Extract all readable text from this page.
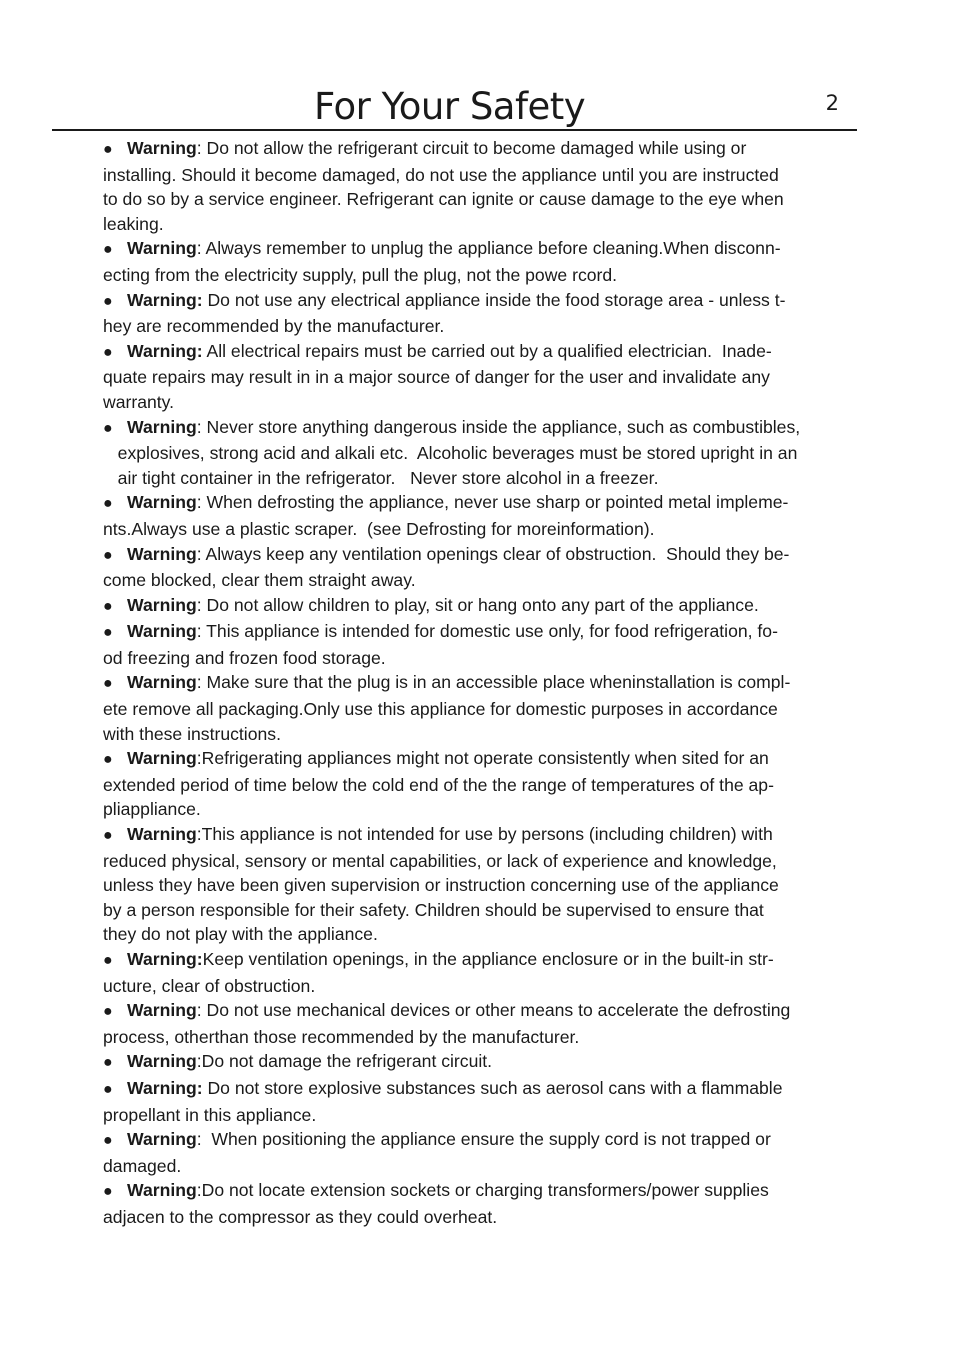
For Your Safety	2
● Warning: Do not allow the refrigerant circuit to become damaged while using or
installing. Should it become damaged, do not use the appliance until you are instructed
to do so by a service engineer. Refrigerant can ignite or cause damage to the eye when
leaking.
● Warning: Always remember to unplug the appliance before cleaning.When disconn-
ecting from the electricity supply, pull the plug, not the powe rcord.
● Warning: Do not use any electrical appliance inside the food storage area - unless t-
hey are recommended by the manufacturer.
● Warning: All electrical repairs must be carried out by a qualified electrician.  Inade-
quate repairs may result in in a major source of danger for the user and invalidate any
warranty.
● Warning: Never store anything dangerous inside the appliance, such as combustibles,
explosives, strong acid and alkali etc.  Alcoholic beverages must be stored upright in an
air tight container in the refrigerator.   Never store alcohol in a freezer.
● Warning: When defrosting the appliance, never use sharp or pointed metal impleme-
nts.Always use a plastic scraper.  (see Defrosting for moreinformation).
● Warning: Always keep any ventilation openings clear of obstruction.  Should they be-
come blocked, clear them straight away.
● Warning: Do not allow children to play, sit or hang onto any part of the appliance.
● Warning: This appliance is intended for domestic use only, for food refrigeration, fo-
od freezing and frozen food storage.
● Warning: Make sure that the plug is in an accessible place wheninstallation is compl-
ete remove all packaging.Only use this appliance for domestic purposes in accordance
with these instructions.
● Warning:Refrigerating appliances might not operate consistently when sited for an
extended period of time below the cold end of the the range of temperatures of the ap-
pliappliance.
● Warning:This appliance is not intended for use by persons (including children) with
reduced physical, sensory or mental capabilities, or lack of experience and knowledge,
unless they have been given supervision or instruction concerning use of the appliance
by a person responsible for their safety. Children should be supervised to ensure that
they do not play with the appliance.
● Warning:Keep ventilation openings, in the appliance enclosure or in the built-in str-
ucture, clear of obstruction.
● Warning: Do not use mechanical devices or other means to accelerate the defrosting
process, otherthan those recommended by the manufacturer.
● Warning:Do not damage the refrigerant circuit.
● Warning: Do not store explosive substances such as aerosol cans with a flammable
propellant in this appliance.
● Warning:  When positioning the appliance ensure the supply cord is not trapped or
damaged.
● Warning:Do not locate extension sockets or charging transformers/power supplies
adjacen to the compressor as they could overheat.
